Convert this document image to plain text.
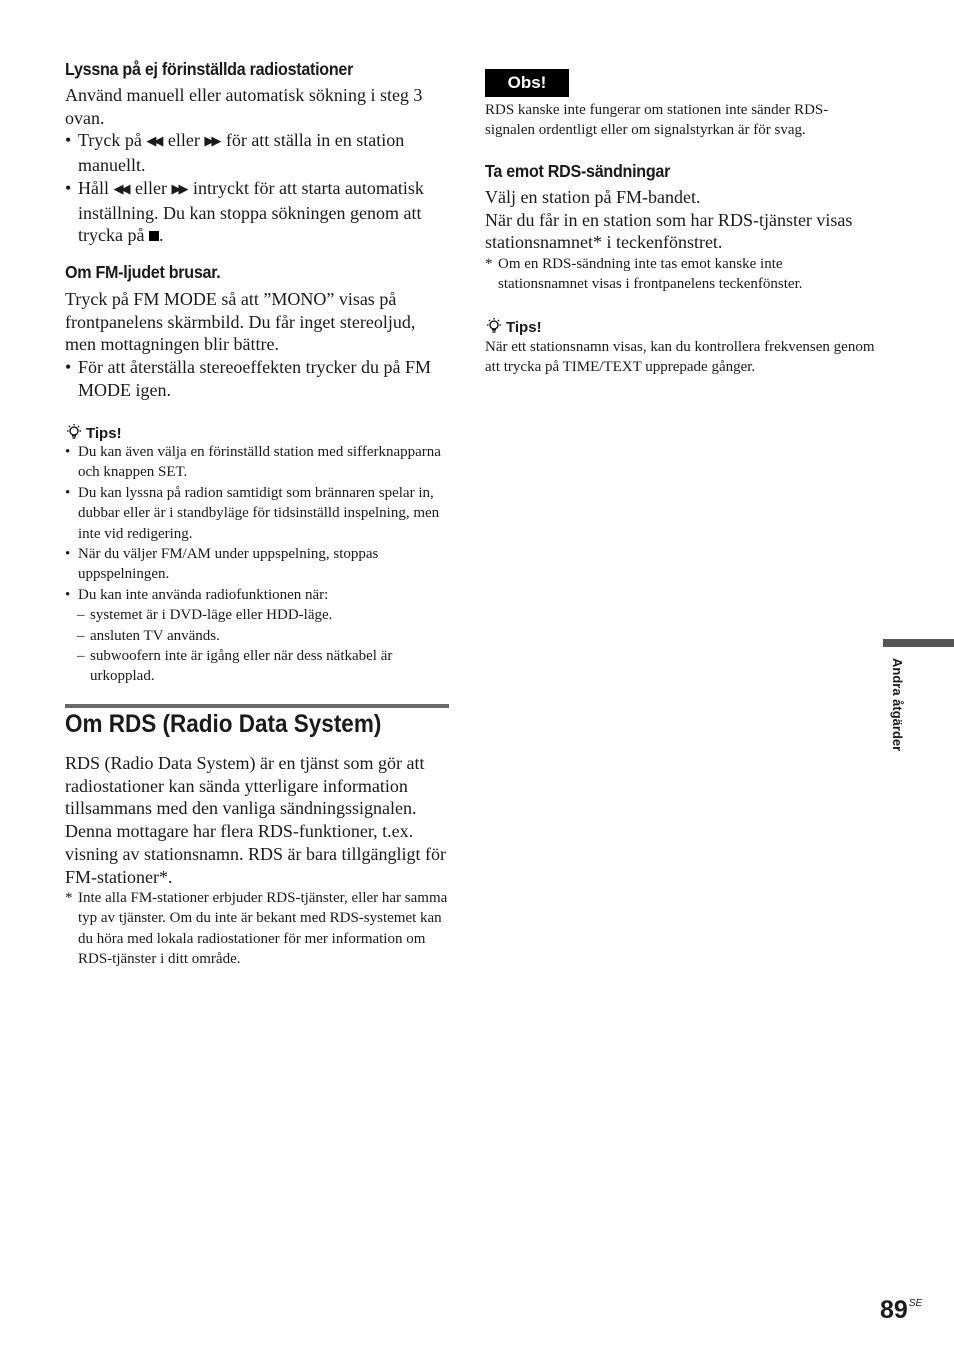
Lyssna på ej förinställda radiostationer
Använd manuell eller automatisk sökning i steg 3 ovan.
• Tryck på ◀◀ eller ▶▶ för att ställa in en station manuellt.
• Håll ◀◀ eller ▶▶ intryckt för att starta automatisk inställning. Du kan stoppa sökningen genom att trycka på .
Om FM-ljudet brusar.
Tryck på FM MODE så att ”MONO” visas på frontpanelens skärmbild. Du får inget stereoljud, men mottagningen blir bättre.
• För att återställa stereoeffekten trycker du på FM MODE igen.
Tips!
• Du kan även välja en förinställd station med sifferknapparna och knappen SET.
• Du kan lyssna på radion samtidigt som brännaren spelar in, dubbar eller är i standbyläge för tidsinställd inspelning, men inte vid redigering.
• När du väljer FM/AM under uppspelning, stoppas uppspelningen.
• Du kan inte använda radiofunktionen när:
– systemet är i DVD-läge eller HDD-läge.
– ansluten TV används.
– subwoofern inte är igång eller när dess nätkabel är urkopplad.
Om RDS (Radio Data System)
RDS (Radio Data System) är en tjänst som gör att radiostationer kan sända ytterligare information tillsammans med den vanliga sändningssignalen. Denna mottagare har flera RDS-funktioner, t.ex. visning av stationsnamn. RDS är bara tillgängligt för FM-stationer*.
* Inte alla FM-stationer erbjuder RDS-tjänster, eller har samma typ av tjänster. Om du inte är bekant med RDS-systemet kan du höra med lokala radiostationer för mer information om RDS-tjänster i ditt område.
Obs!
RDS kanske inte fungerar om stationen inte sänder RDS-signalen ordentligt eller om signalstyrkan är för svag.
Ta emot RDS-sändningar
Välj en station på FM-bandet.
När du får in en station som har RDS-tjänster visas stationsnamnet* i teckenfönstret.
* Om en RDS-sändning inte tas emot kanske inte stationsnamnet visas i frontpanelens teckenfönster.
Tips!
När ett stationsnamn visas, kan du kontrollera frekvensen genom att trycka på TIME/TEXT upprepade gånger.
Andra åtgärder
$89^{SE}$
